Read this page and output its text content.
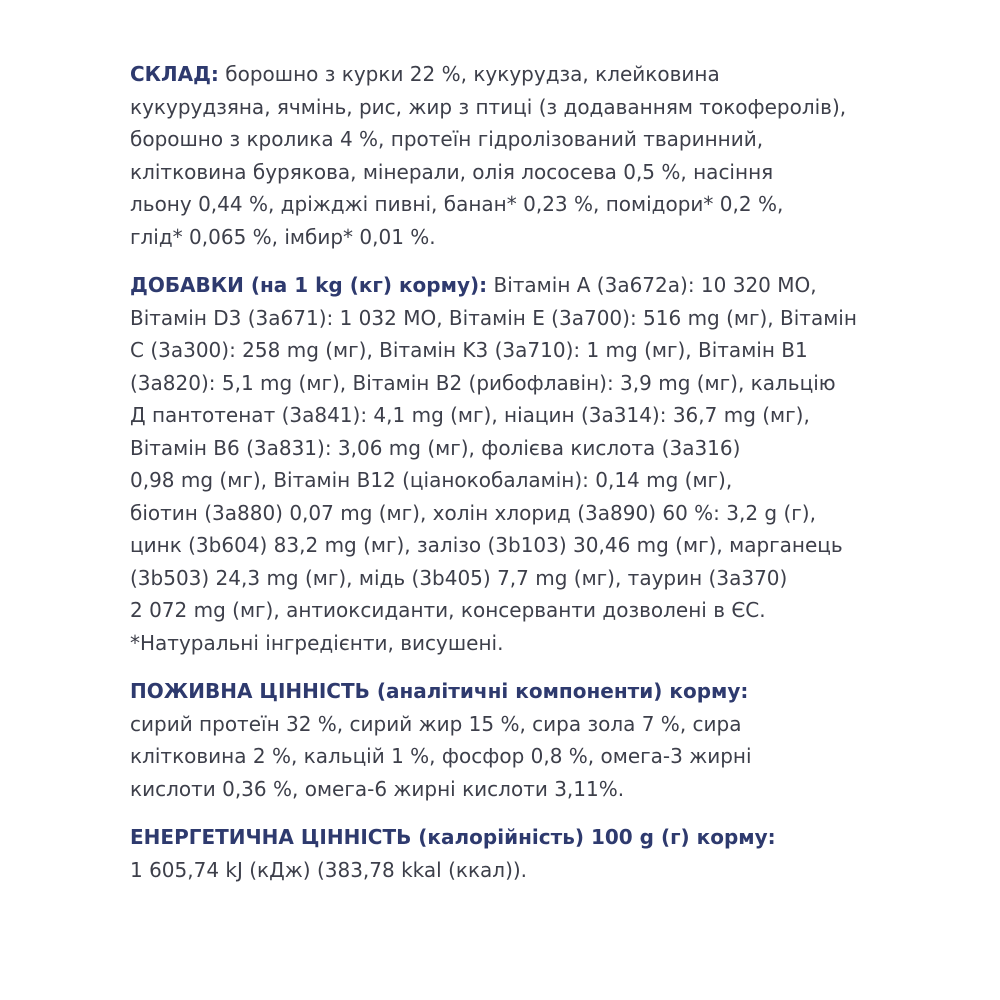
СКЛАД: борошно з курки 22 %, кукурудза, клейковина
кукурудзяна, ячмінь, рис, жир з птиці (з додаванням токоферолів),
борошно з кролика 4 %, протеїн гідролізований тваринний,
клітковина бурякова, мінерали, олія лососева 0,5 %, насіння
льону 0,44 %, дріжджі пивні, банан* 0,23 %, помідори* 0,2 %,
глід* 0,065 %, імбир* 0,01 %.

ДОБАВКИ (на 1 kg (кг) корму): Вітамін A (3a672a): 10 320 МО,
Вітамін D3 (3a671): 1 032 МО, Вітамін E (3a700): 516 mg (мг), Вітамін
C (3a300): 258 mg (мг), Вітамін K3 (3a710): 1 mg (мг), Вітамін B1
(3a820): 5,1 mg (мг), Вітамін B2 (рибофлавін): 3,9 mg (мг), кальцію
Д пантотенат (3a841): 4,1 mg (мг), ніацин (3a314): 36,7 mg (мг),
Вітамін B6 (3a831): 3,06 mg (мг), фолієва кислота (3a316)
0,98 mg (мг), Вітамін B12 (ціанокобаламін): 0,14 mg (мг),
біотин (3a880) 0,07 mg (мг), холін хлорид (3a890) 60 %: 3,2 g (г),
цинк (3b604) 83,2 mg (мг), залізо (3b103) 30,46 mg (мг), марганець
(3b503) 24,3 mg (мг), мідь (3b405) 7,7 mg (мг), таурин (3a370)
2 072 mg (мг), антиоксиданти, консерванти дозволені в ЄС.
*Натуральні інгредієнти, висушені.

ПОЖИВНА ЦІННІСТЬ (аналітичні компоненти) корму:
сирий протеїн 32 %, сирий жир 15 %, сира зола 7 %, сира
клітковина 2 %, кальцій 1 %, фосфор 0,8 %, омега-3 жирні
кислоти 0,36 %, омега-6 жирні кислоти 3,11%.

ЕНЕРГЕТИЧНА ЦІННІСТЬ (калорійність) 100 g (г) корму:
1 605,74 kJ (кДж) (383,78 kkal (ккал)).
